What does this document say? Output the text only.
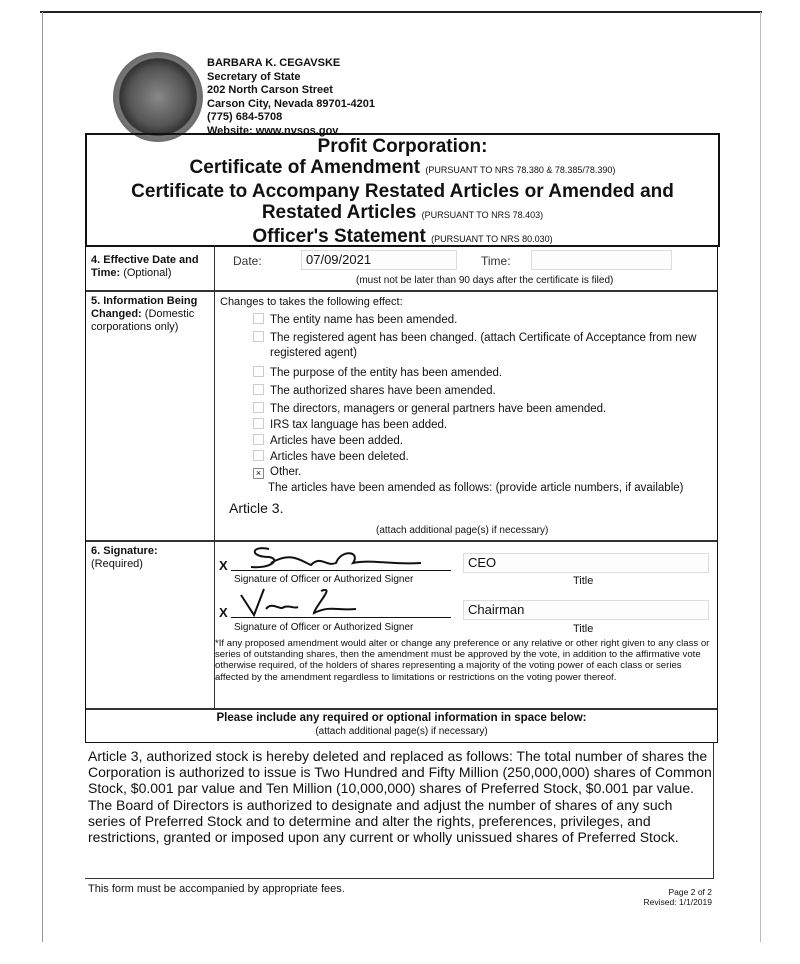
BARBARA K. CEGAVSKE
Secretary of State
202 North Carson Street
Carson City, Nevada 89701-4201
(775) 684-5708
Website: www.nvsos.gov
Profit Corporation:
Certificate of Amendment (PURSUANT TO NRS 78.380 & 78.385/78.390)
Certificate to Accompany Restated Articles or Amended and
Restated Articles (PURSUANT TO NRS 78.403)
Officer's Statement (PURSUANT TO NRS 80.030)
4. Effective Date and
Time: (Optional)
Date:	07/09/2021	Time:
(must not be later than 90 days after the certificate is filed)
5. Information Being
Changed: (Domestic
corporations only)
Changes to takes the following effect:
The entity name has been amended.
The registered agent has been changed. (attach Certificate of Acceptance from new
registered agent)
The purpose of the entity has been amended.
The authorized shares have been amended.
The directors, managers or general partners have been amended.
IRS tax language has been added.
Articles have been added.
Articles have been deleted.
× Other.
The articles have been amended as follows: (provide article numbers, if available)
Article 3.
(attach additional page(s) if necessary)
6. Signature:
(Required)	X
Signature of Officer or Authorized Signer
CEO
Title
X
Signature of Officer or Authorized Signer
Chairman
Title
*If any proposed amendment would alter or change any preference or any relative or other right given to any class or series of outstanding shares, then the amendment must be approved by the vote, in addition to the affirmative vote otherwise required, of the holders of shares representing a majority of the voting power of each class or series affected by the amendment regardless to limitations or restrictions on the voting power thereof.
Please include any required or optional information in space below:
(attach additional page(s) if necessary)
Article 3, authorized stock is hereby deleted and replaced as follows: The total number of shares the Corporation is authorized to issue is Two Hundred and Fifty Million (250,000,000) shares of Common Stock, $0.001 par value and Ten Million (10,000,000) shares of Preferred Stock, $0.001 par value. The Board of Directors is authorized to designate and adjust the number of shares of any such series of Preferred Stock and to determine and alter the rights, preferences, privileges, and restrictions, granted or imposed upon any current or wholly unissued shares of Preferred Stock.
This form must be accompanied by appropriate fees.	Page 2 of 2
Revised: 1/1/2019
